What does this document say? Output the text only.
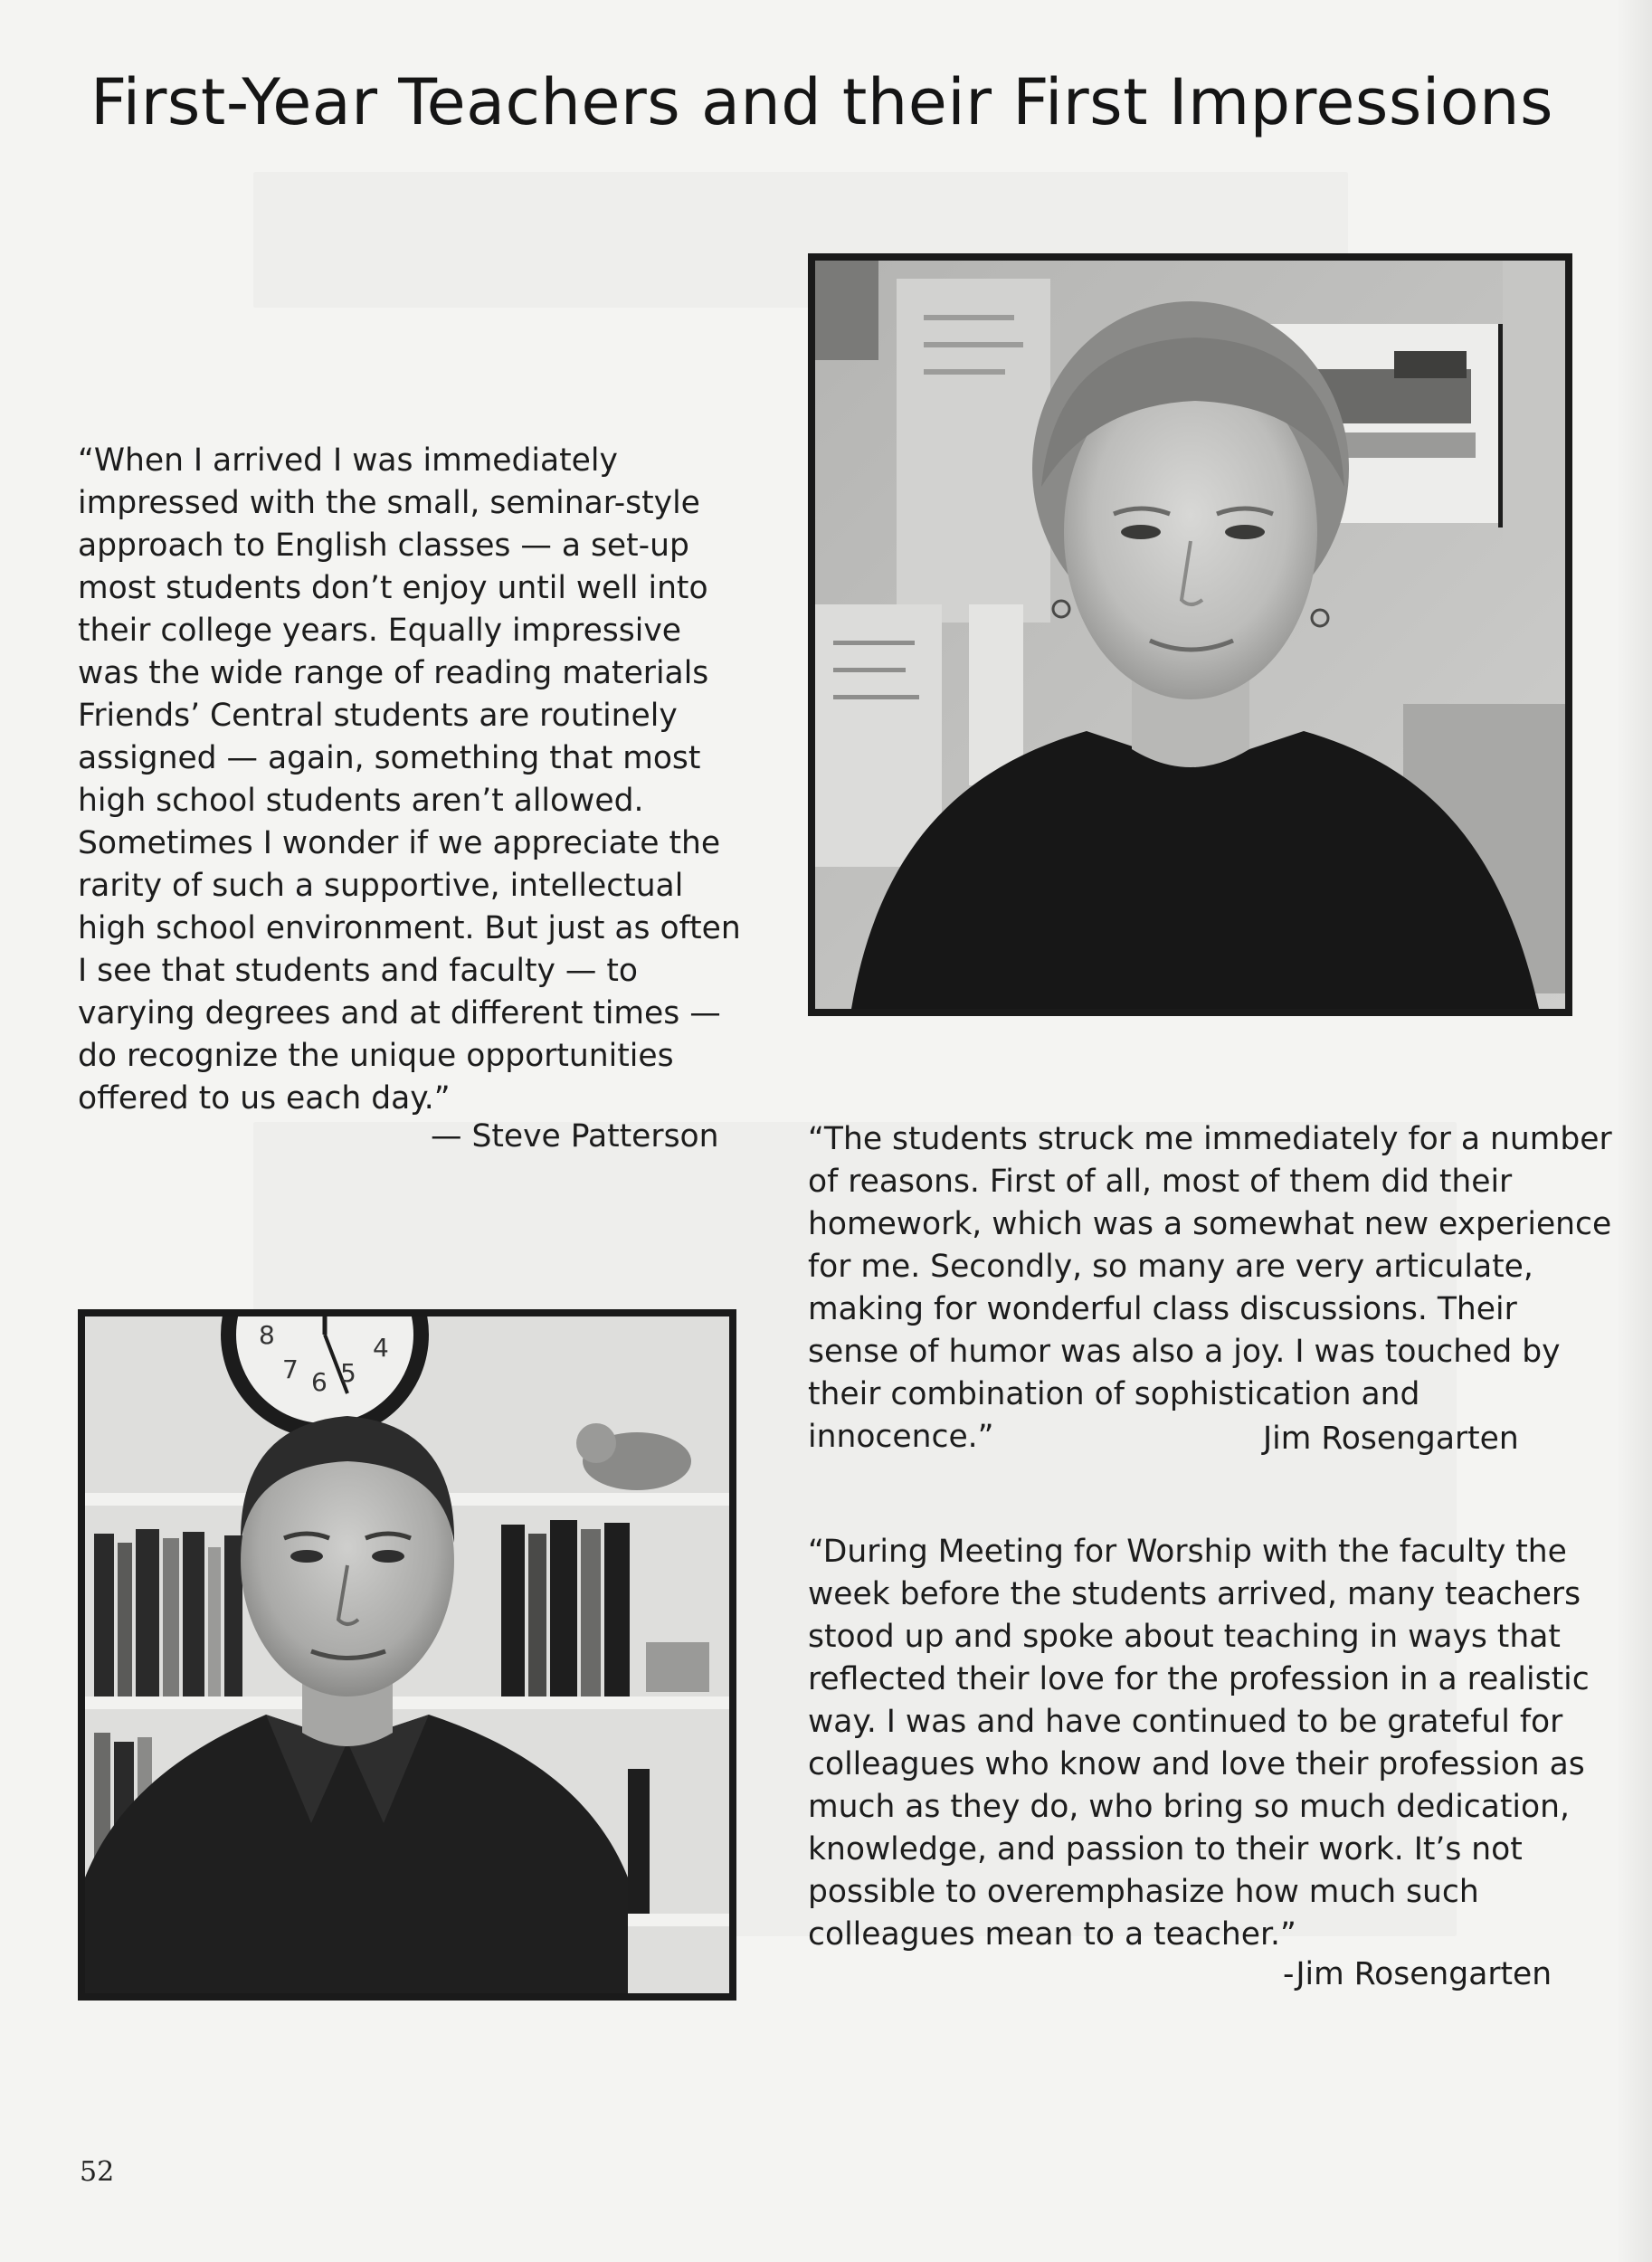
First-Year Teachers and their First Impressions

“When I arrived I was immediately impressed with the small, seminar-style approach to English classes — a set-up most students don’t enjoy until well into their college years. Equally impressive was the wide range of reading materials Friends’ Central students are routinely assigned — again, something that most high school students aren’t allowed. Sometimes I wonder if we appreciate the rarity of such a supportive, intellectual high school environment. But just as often I see that students and faculty — to varying degrees and at different times — do recognize the unique opportunities offered to us each day.”

— Steve Patterson	“The students struck me immediately for a number of reasons. First of all, most of them did their homework, which was a somewhat new experience for me. Secondly, so many are very articulate, making for wonderful class discussions. Their sense of humor was also a joy. I was touched by their combination of sophistication and innocence.”	Jim Rosengarten
8
7 6 5
4

“During Meeting for Worship with the faculty the week before the students arrived, many teachers stood up and spoke about teaching in ways that reflected their love for the profession in a realistic way. I was and have continued to be grateful for colleagues who know and love their profession as much as they do, who bring so much dedication, knowledge, and passion to their work. It’s not possible to overemphasize how much such colleagues mean to a teacher.”

-Jim Rosengarten
52
